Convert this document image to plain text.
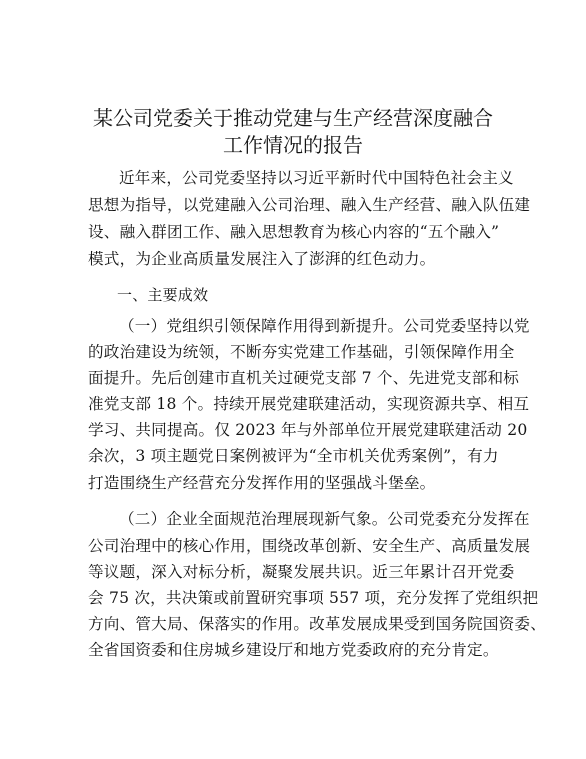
某公司党委关于推动党建与生产经营深度融合
工作情况的报告
近年来，公司党委坚持以习近平新时代中国特色社会主义
思想为指导，以党建融入公司治理、融入生产经营、融入队伍建
设、融入群团工作、融入思想教育为核心内容的“五个融入”
模式，为企业高质量发展注入了澎湃的红色动力。
一、主要成效
（一）党组织引领保障作用得到新提升。公司党委坚持以党
的政治建设为统领，不断夯实党建工作基础，引领保障作用全
面提升。先后创建市直机关过硬党支部 7 个、先进党支部和标
准党支部 18 个。持续开展党建联建活动，实现资源共享、相互
学习、共同提高。仅 2023 年与外部单位开展党建联建活动 20
余次，3 项主题党日案例被评为“全市机关优秀案例”，有力
打造围绕生产经营充分发挥作用的坚强战斗堡垒。
（二）企业全面规范治理展现新气象。公司党委充分发挥在
公司治理中的核心作用，围绕改革创新、安全生产、高质量发展
等议题，深入对标分析，凝聚发展共识。近三年累计召开党委
会 75 次，共决策或前置研究事项 557 项，充分发挥了党组织把
方向、管大局、保落实的作用。改革发展成果受到国务院国资委、
全省国资委和住房城乡建设厅和地方党委政府的充分肯定。
